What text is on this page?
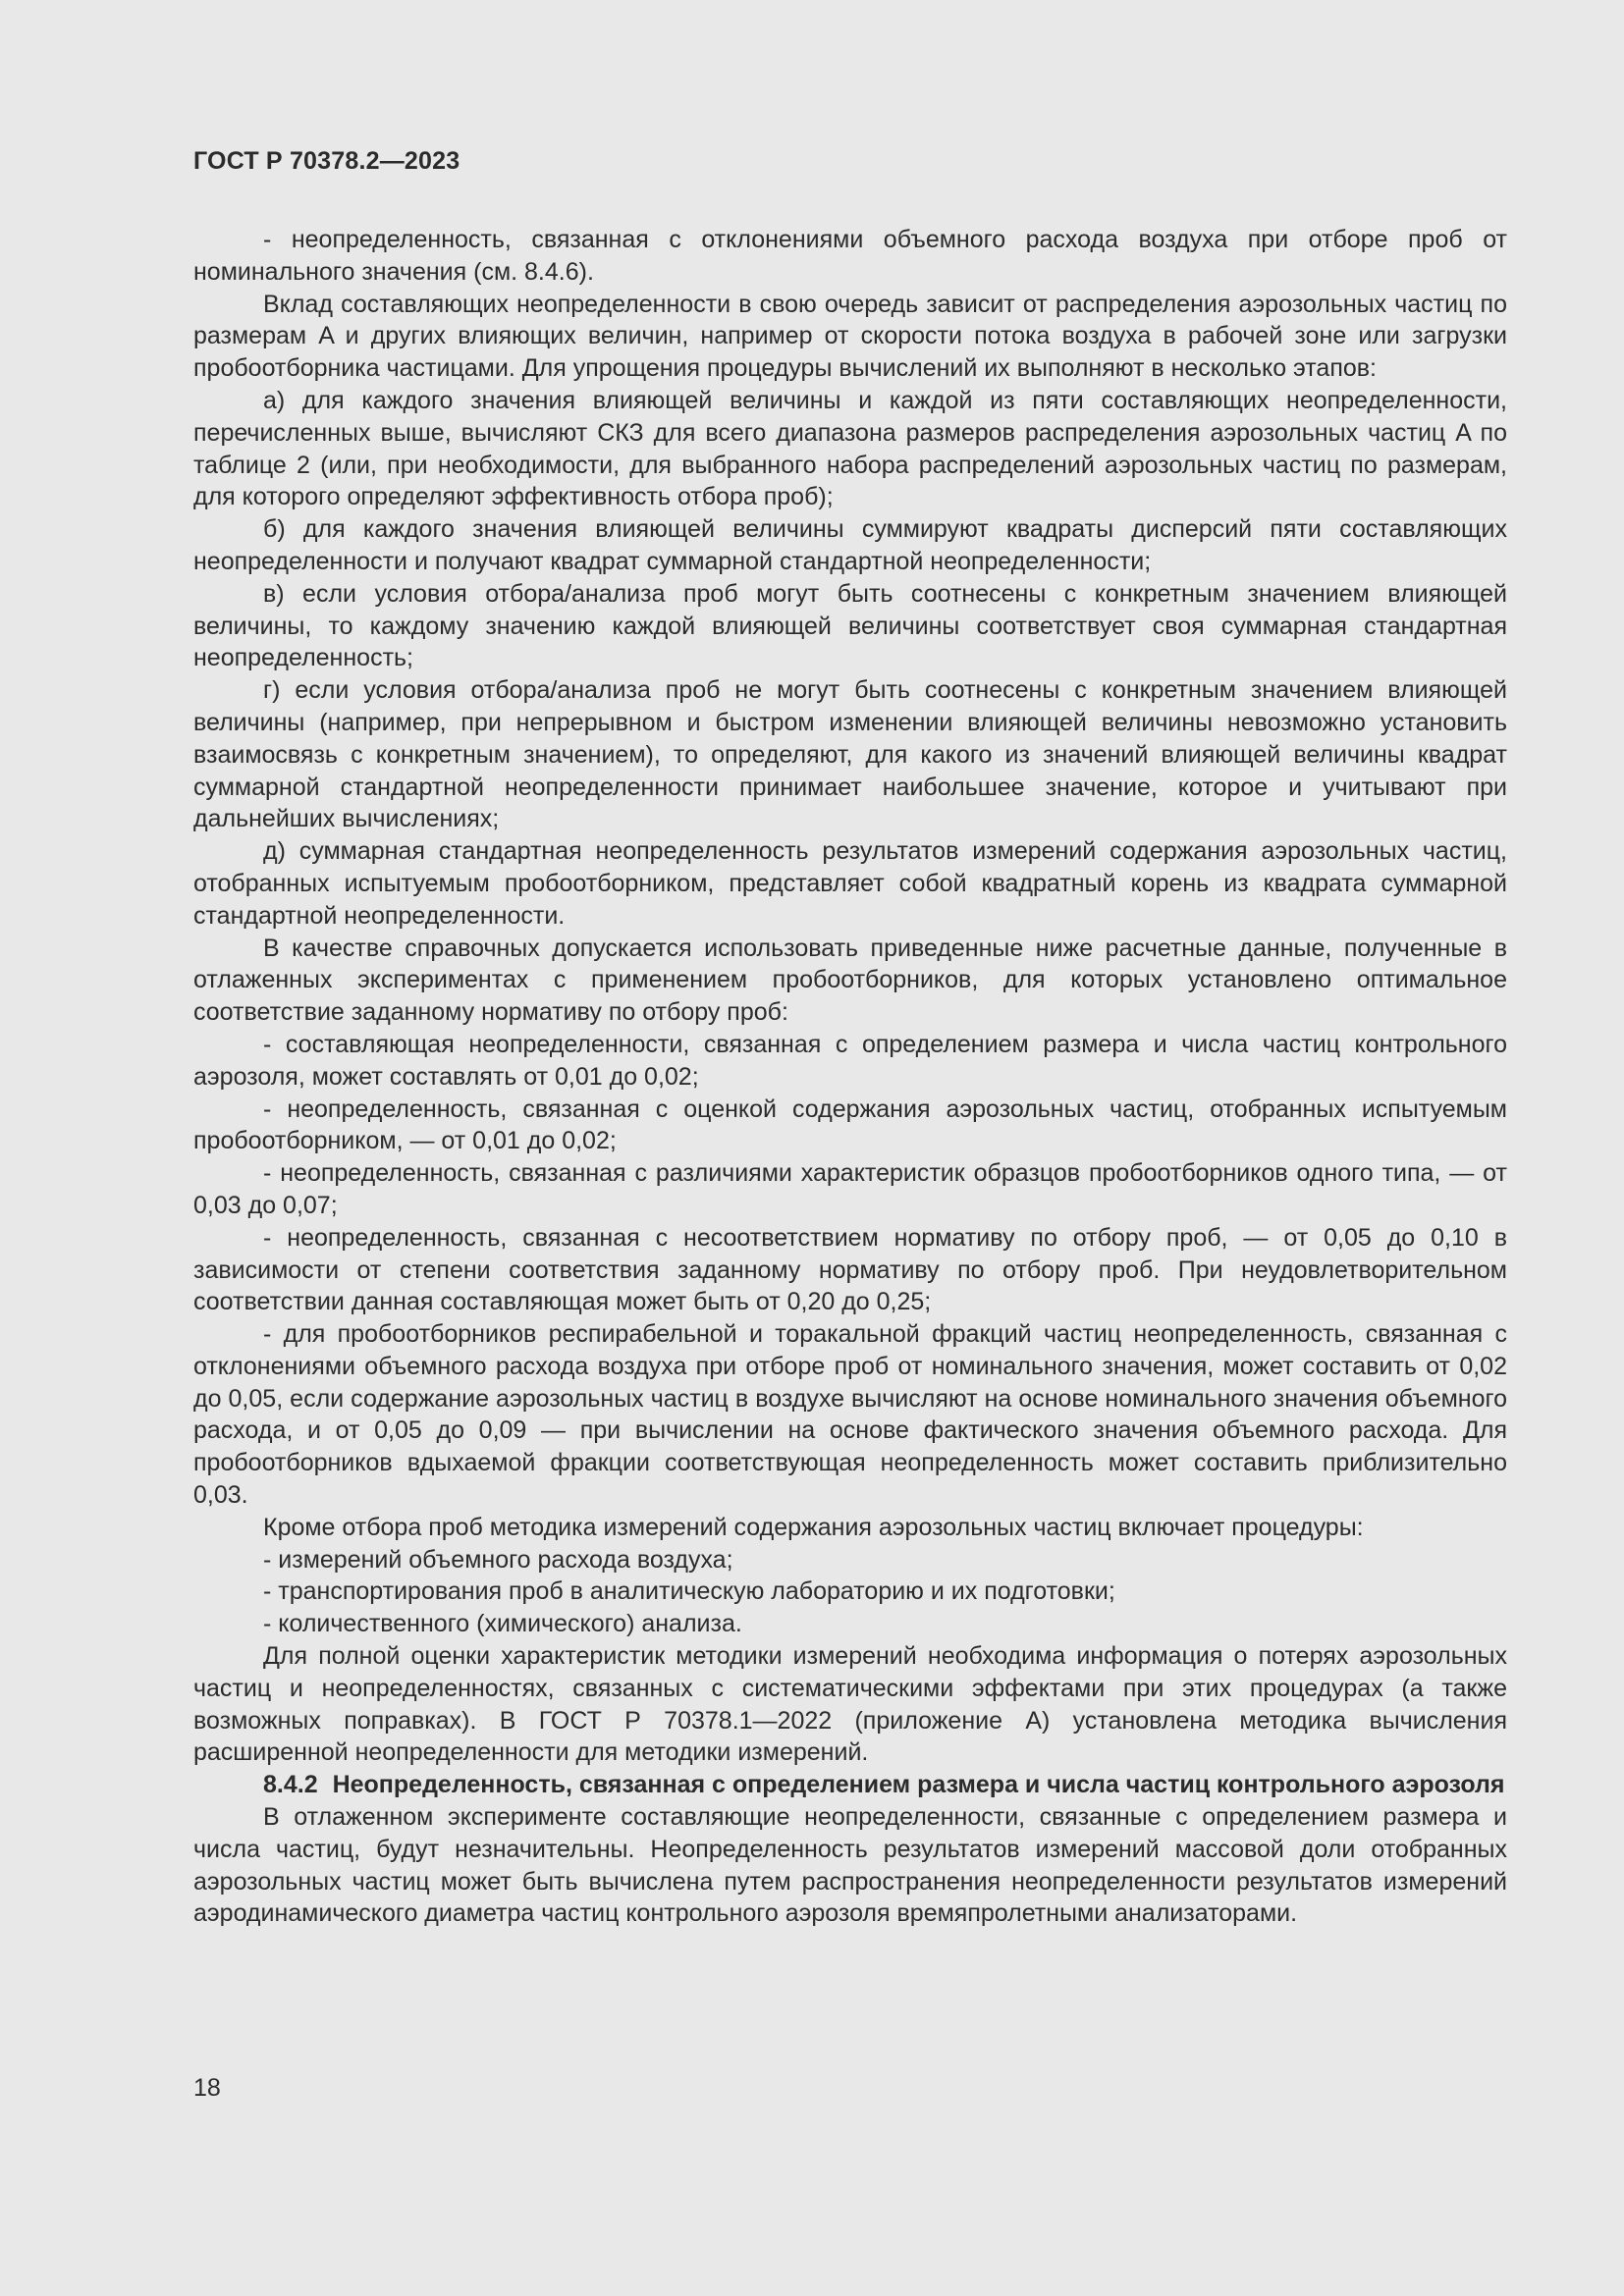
ГОСТ Р 70378.2—2023

- неопределенность, связанная с отклонениями объемного расхода воздуха при отборе проб от номинального значения (см. 8.4.6).

Вклад составляющих неопределенности в свою очередь зависит от распределения аэрозольных частиц по размерам A и других влияющих величин, например от скорости потока воздуха в рабочей зоне или загрузки пробоотборника частицами. Для упрощения процедуры вычислений их выполняют в несколько этапов:

а) для каждого значения влияющей величины и каждой из пяти составляющих неопределенности, перечисленных выше, вычисляют СКЗ для всего диапазона размеров распределения аэрозольных частиц A по таблице 2 (или, при необходимости, для выбранного набора распределений аэрозольных частиц по размерам, для которого определяют эффективность отбора проб);

б) для каждого значения влияющей величины суммируют квадраты дисперсий пяти составляющих неопределенности и получают квадрат суммарной стандартной неопределенности;

в) если условия отбора/анализа проб могут быть соотнесены с конкретным значением влияющей величины, то каждому значению каждой влияющей величины соответствует своя суммарная стандартная неопределенность;

г) если условия отбора/анализа проб не могут быть соотнесены с конкретным значением влияющей величины (например, при непрерывном и быстром изменении влияющей величины невозможно установить взаимосвязь с конкретным значением), то определяют, для какого из значений влияющей величины квадрат суммарной стандартной неопределенности принимает наибольшее значение, которое и учитывают при дальнейших вычислениях;

д) суммарная стандартная неопределенность результатов измерений содержания аэрозольных частиц, отобранных испытуемым пробоотборником, представляет собой квадратный корень из квадрата суммарной стандартной неопределенности.

В качестве справочных допускается использовать приведенные ниже расчетные данные, полученные в отлаженных экспериментах с применением пробоотборников, для которых установлено оптимальное соответствие заданному нормативу по отбору проб:

- составляющая неопределенности, связанная с определением размера и числа частиц контрольного аэрозоля, может составлять от 0,01 до 0,02;

- неопределенность, связанная с оценкой содержания аэрозольных частиц, отобранных испытуемым пробоотборником, — от 0,01 до 0,02;

- неопределенность, связанная с различиями характеристик образцов пробоотборников одного типа, — от 0,03 до 0,07;

- неопределенность, связанная с несоответствием нормативу по отбору проб, — от 0,05 до 0,10 в зависимости от степени соответствия заданному нормативу по отбору проб. При неудовлетворительном соответствии данная составляющая может быть от 0,20 до 0,25;

- для пробоотборников респирабельной и торакальной фракций частиц неопределенность, связанная с отклонениями объемного расхода воздуха при отборе проб от номинального значения, может составить от 0,02 до 0,05, если содержание аэрозольных частиц в воздухе вычисляют на основе номинального значения объемного расхода, и от 0,05 до 0,09 — при вычислении на основе фактического значения объемного расхода. Для пробоотборников вдыхаемой фракции соответствующая неопределенность может составить приблизительно 0,03.

Кроме отбора проб методика измерений содержания аэрозольных частиц включает процедуры:

- измерений объемного расхода воздуха;

- транспортирования проб в аналитическую лабораторию и их подготовки;

- количественного (химического) анализа.

Для полной оценки характеристик методики измерений необходима информация о потерях аэрозольных частиц и неопределенностях, связанных с систематическими эффектами при этих процедурах (а также возможных поправках). В ГОСТ Р 70378.1—2022 (приложение А) установлена методика вычисления расширенной неопределенности для методики измерений.

8.4.2 Неопределенность, связанная с определением размера и числа частиц контрольного аэрозоля

В отлаженном эксперименте составляющие неопределенности, связанные с определением размера и числа частиц, будут незначительны. Неопределенность результатов измерений массовой доли отобранных аэрозольных частиц может быть вычислена путем распространения неопределенности результатов измерений аэродинамического диаметра частиц контрольного аэрозоля времяпролетными анализаторами.

18
